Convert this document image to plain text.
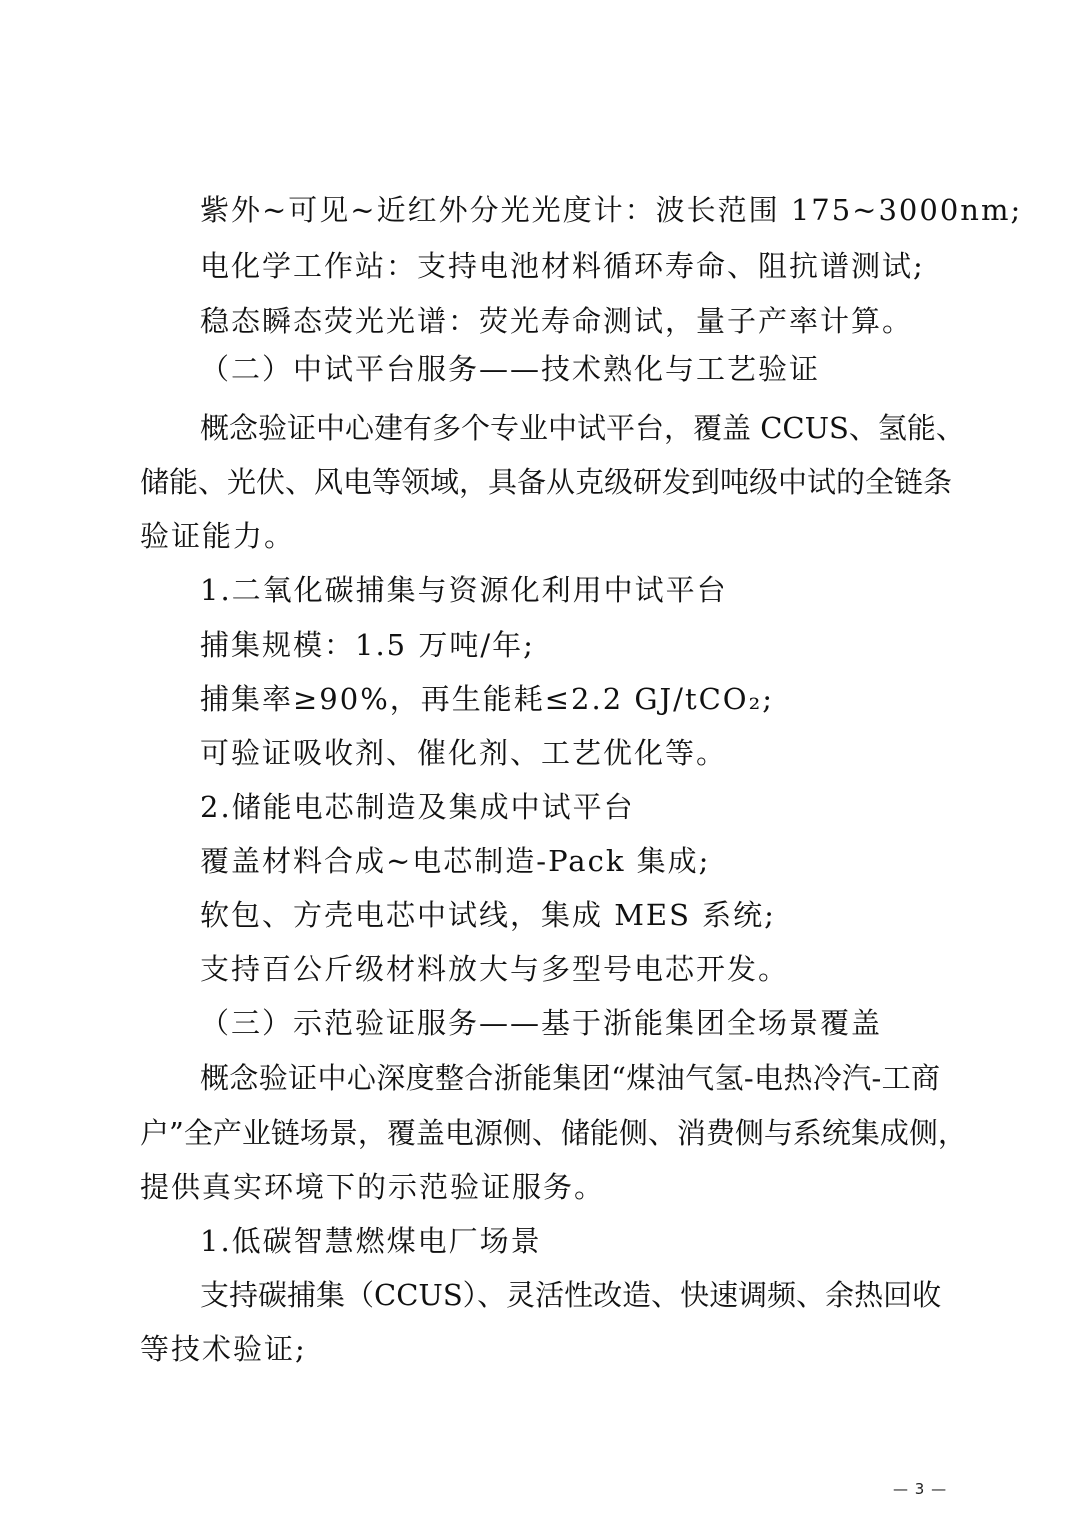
紫外~可见~近红外分光光度计：波长范围 175~3000nm;
电化学工作站：支持电池材料循环寿命、阻抗谱测试;
稳态瞬态荧光光谱：荧光寿命测试，量子产率计算。
（二）中试平台服务——技术熟化与工艺验证
概念验证中心建有多个专业中试平台，覆盖 CCUS、氢能、
储能、光伏、风电等领域，具备从克级研发到吨级中试的全链条
验证能力。
1.二氧化碳捕集与资源化利用中试平台
捕集规模：1.5 万吨/年;
捕集率≥90%，再生能耗≤2.2 GJ/tCO₂;
可验证吸收剂、催化剂、工艺优化等。
2.储能电芯制造及集成中试平台
覆盖材料合成~电芯制造-Pack 集成;
软包、方壳电芯中试线，集成 MES 系统;
支持百公斤级材料放大与多型号电芯开发。
（三）示范验证服务——基于浙能集团全场景覆盖
概念验证中心深度整合浙能集团“煤油气氢-电热冷汽-工商
户”全产业链场景，覆盖电源侧、储能侧、消费侧与系统集成侧，
提供真实环境下的示范验证服务。
1.低碳智慧燃煤电厂场景
支持碳捕集（CCUS）、灵活性改造、快速调频、余热回收
等技术验证;
— 3 —
